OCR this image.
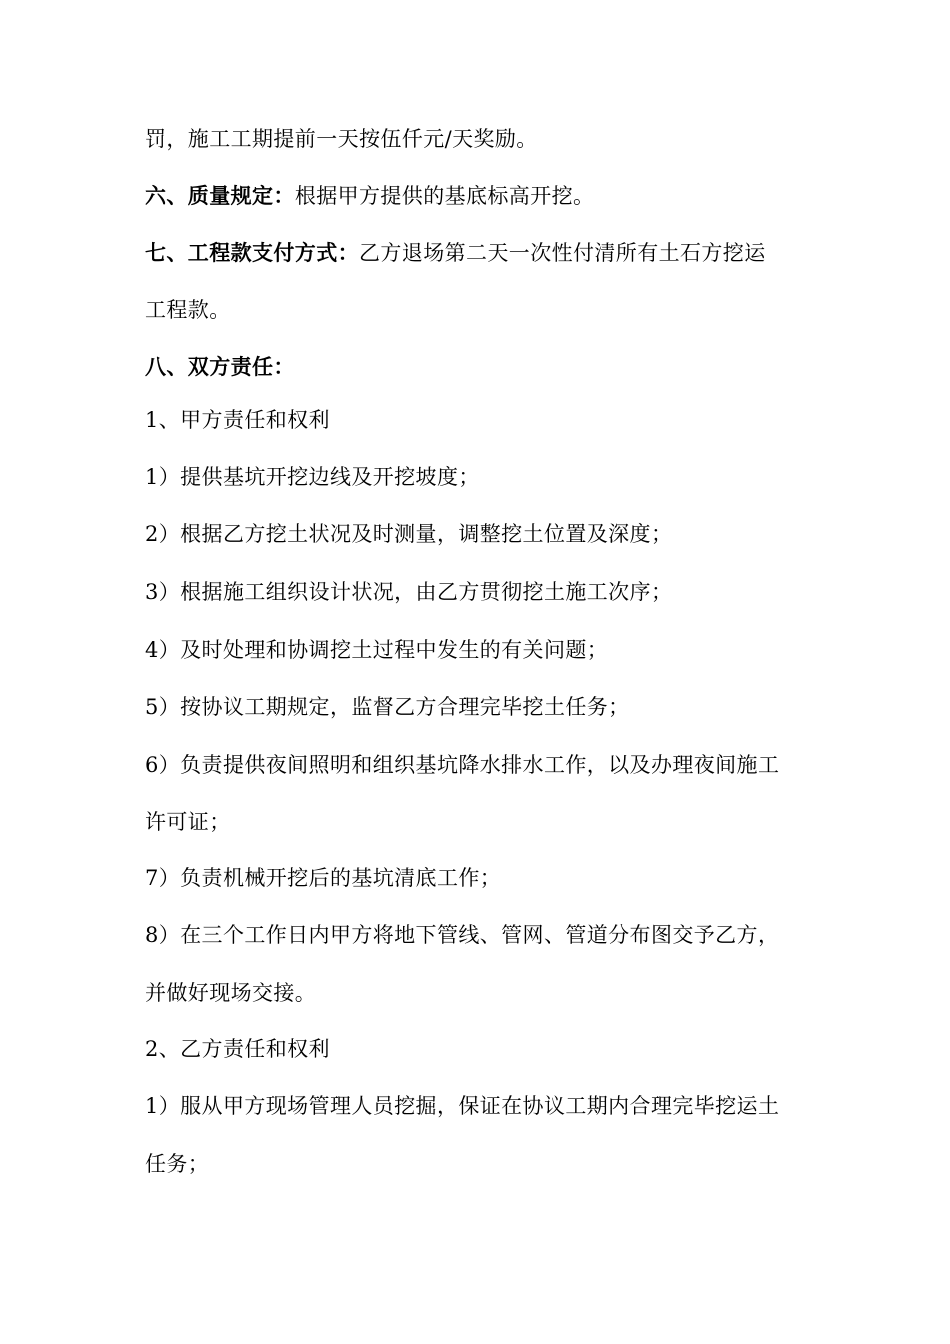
罚，施工工期提前一天按伍仟元/天奖励。
六、质量规定：根据甲方提供的基底标高开挖。
七、工程款支付方式：乙方退场第二天一次性付清所有土石方挖运
工程款。
八、双方责任：
1、甲方责任和权利
1）提供基坑开挖边线及开挖坡度；
2）根据乙方挖土状况及时测量，调整挖土位置及深度；
3）根据施工组织设计状况，由乙方贯彻挖土施工次序；
4）及时处理和协调挖土过程中发生的有关问题；
5）按协议工期规定，监督乙方合理完毕挖土任务；
6）负责提供夜间照明和组织基坑降水排水工作，以及办理夜间施工
许可证；
7）负责机械开挖后的基坑清底工作；
8）在三个工作日内甲方将地下管线、管网、管道分布图交予乙方，
并做好现场交接。
2、乙方责任和权利
1）服从甲方现场管理人员挖掘，保证在协议工期内合理完毕挖运土
任务；
